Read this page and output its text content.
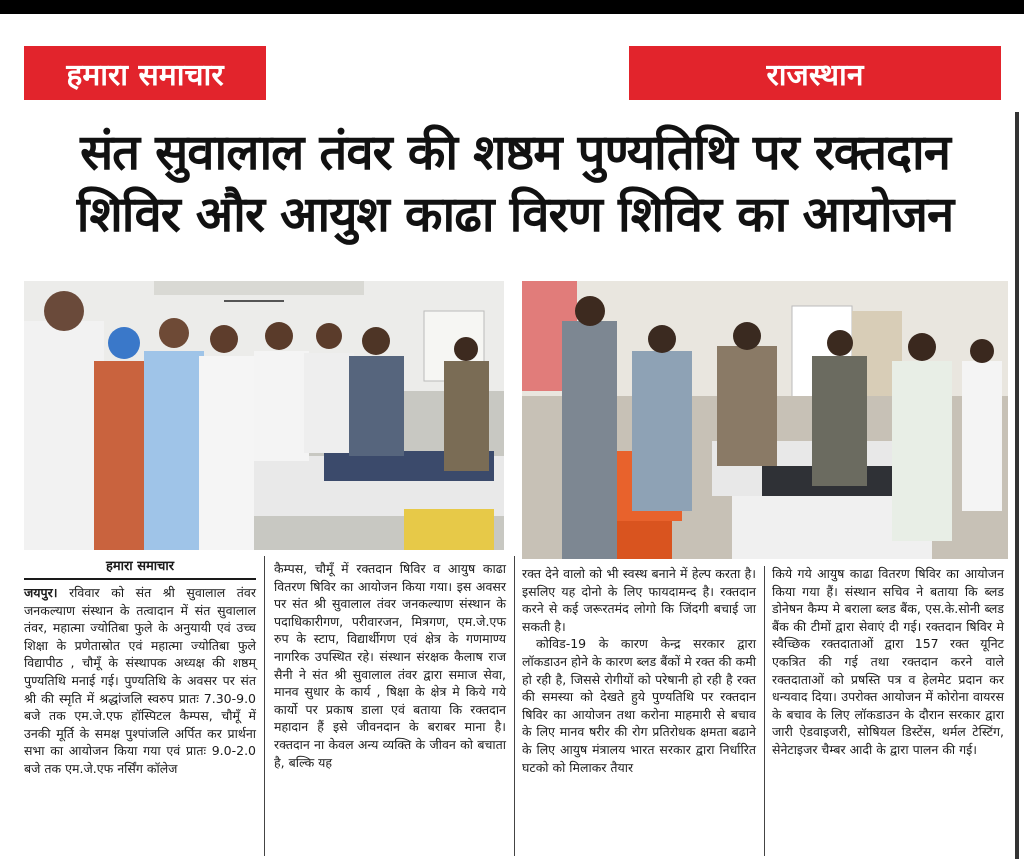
हमारा समाचार	राजस्थान
संत सुवालाल तंवर की शष्ठम पुण्यतिथि पर रक्तदान
शिविर और आयुश काढा विरण शिविर का आयोजन
हमारा समाचार

जयपुर। रविवार को संत श्री सुवालाल तंवर जनकल्याण संस्थान के तत्वादान में संत सुवालाल तंवर, महात्मा ज्योतिबा फुले के अनुयायी एवं उच्च शिक्षा के प्रणेतास्रोत एवं महात्मा ज्योतिबा फुले विद्यापीठ , चौमूँ के संस्थापक अध्यक्ष की शष्ठम् पुण्यतिथि मनाई गई। पुण्यतिथि के अवसर पर संत श्री की स्मृति में श्रद्धांजलि स्वरुप प्रातः 7.30-9.0 बजे तक एम.जे.एफ हॉस्पिटल कैम्पस, चौमूँ में उनकी मूर्ति के समक्ष पुश्पांजलि अर्पित कर प्रार्थना सभा का आयोजन किया गया एवं प्रातः 9.0-2.0 बजे तक एम.जे.एफ नर्सिंग कॉलेज

कैम्पस, चौमूँ में रक्तदान षिविर व आयुष काढा वितरण षिविर का आयोजन किया गया। इस अवसर पर संत श्री सुवालाल तंवर जनकल्याण संस्थान के पदाधिकारीगण, परीवारजन, मित्रगण, एम.जे.एफ रुप के स्टाप, विद्यार्थीगण एवं क्षेत्र के गणमाण्य नागरिक उपस्थित रहे। संस्थान संरक्षक कैलाष राज सैनी ने संत श्री सुवालाल तंवर द्वारा समाज सेवा, मानव सुधार के कार्य , षिक्षा के क्षेत्र मे किये गये कार्यो पर प्रकाष डाला एवं बताया कि रक्तदान महादान हैं इसे जीवनदान के बराबर माना है। रक्तदान ना केवल अन्य व्यक्ति के जीवन को बचाता है, बल्कि यह

रक्त देने वालो को भी स्वस्थ बनाने में हेल्प करता है। इसलिए यह दोनो के लिए फायदामन्द है। रक्तदान करने से कई जरूरतमंद लोगो कि जिंदगी बचाई जा सकती है।

कोविड-19 के कारण केन्द्र सरकार द्वारा लॉकडाउन होने के कारण ब्लड बैंकों मे रक्त की कमी हो रही है, जिससे रोगीयों को परेषानी हो रही है रक्त की समस्या को देखते हुये पुण्यतिथि पर रक्तदान षिविर का आयोजन तथा करोना माहमारी से बचाव के लिए मानव षरीर की रोग प्रतिरोधक क्षमता बढाने के लिए आयुष मंत्रालय भारत सरकार द्वारा निर्धारित घटको को मिलाकर तैयार

किये गये आयुष काढा वितरण षिविर का आयोजन किया गया हैं। संस्थान सचिव ने बताया कि ब्लड डोनेषन कैम्प मे बराला ब्लड बैंक, एस.के.सोनी ब्लड बैंक की टीमों द्वारा सेवाएं दी गई। रक्तदान षिविर मे स्वैच्छिक रक्तदाताओं द्वारा 157 रक्त यूनिट एकत्रित की गई तथा रक्तदान करने वाले रक्तदाताओं को प्रषस्ति पत्र व हेलमेट प्रदान कर धन्यवाद दिया। उपरोक्त आयोजन में कोरोना वायरस के बचाव के लिए लॉकडाउन के दौरान सरकार द्वारा जारी ऐडवाइजरी, सोषियल डिस्टेंस, थर्मल टेस्टिंग, सेनेटाइजर चैम्बर आदी के द्वारा पालन की गई।
